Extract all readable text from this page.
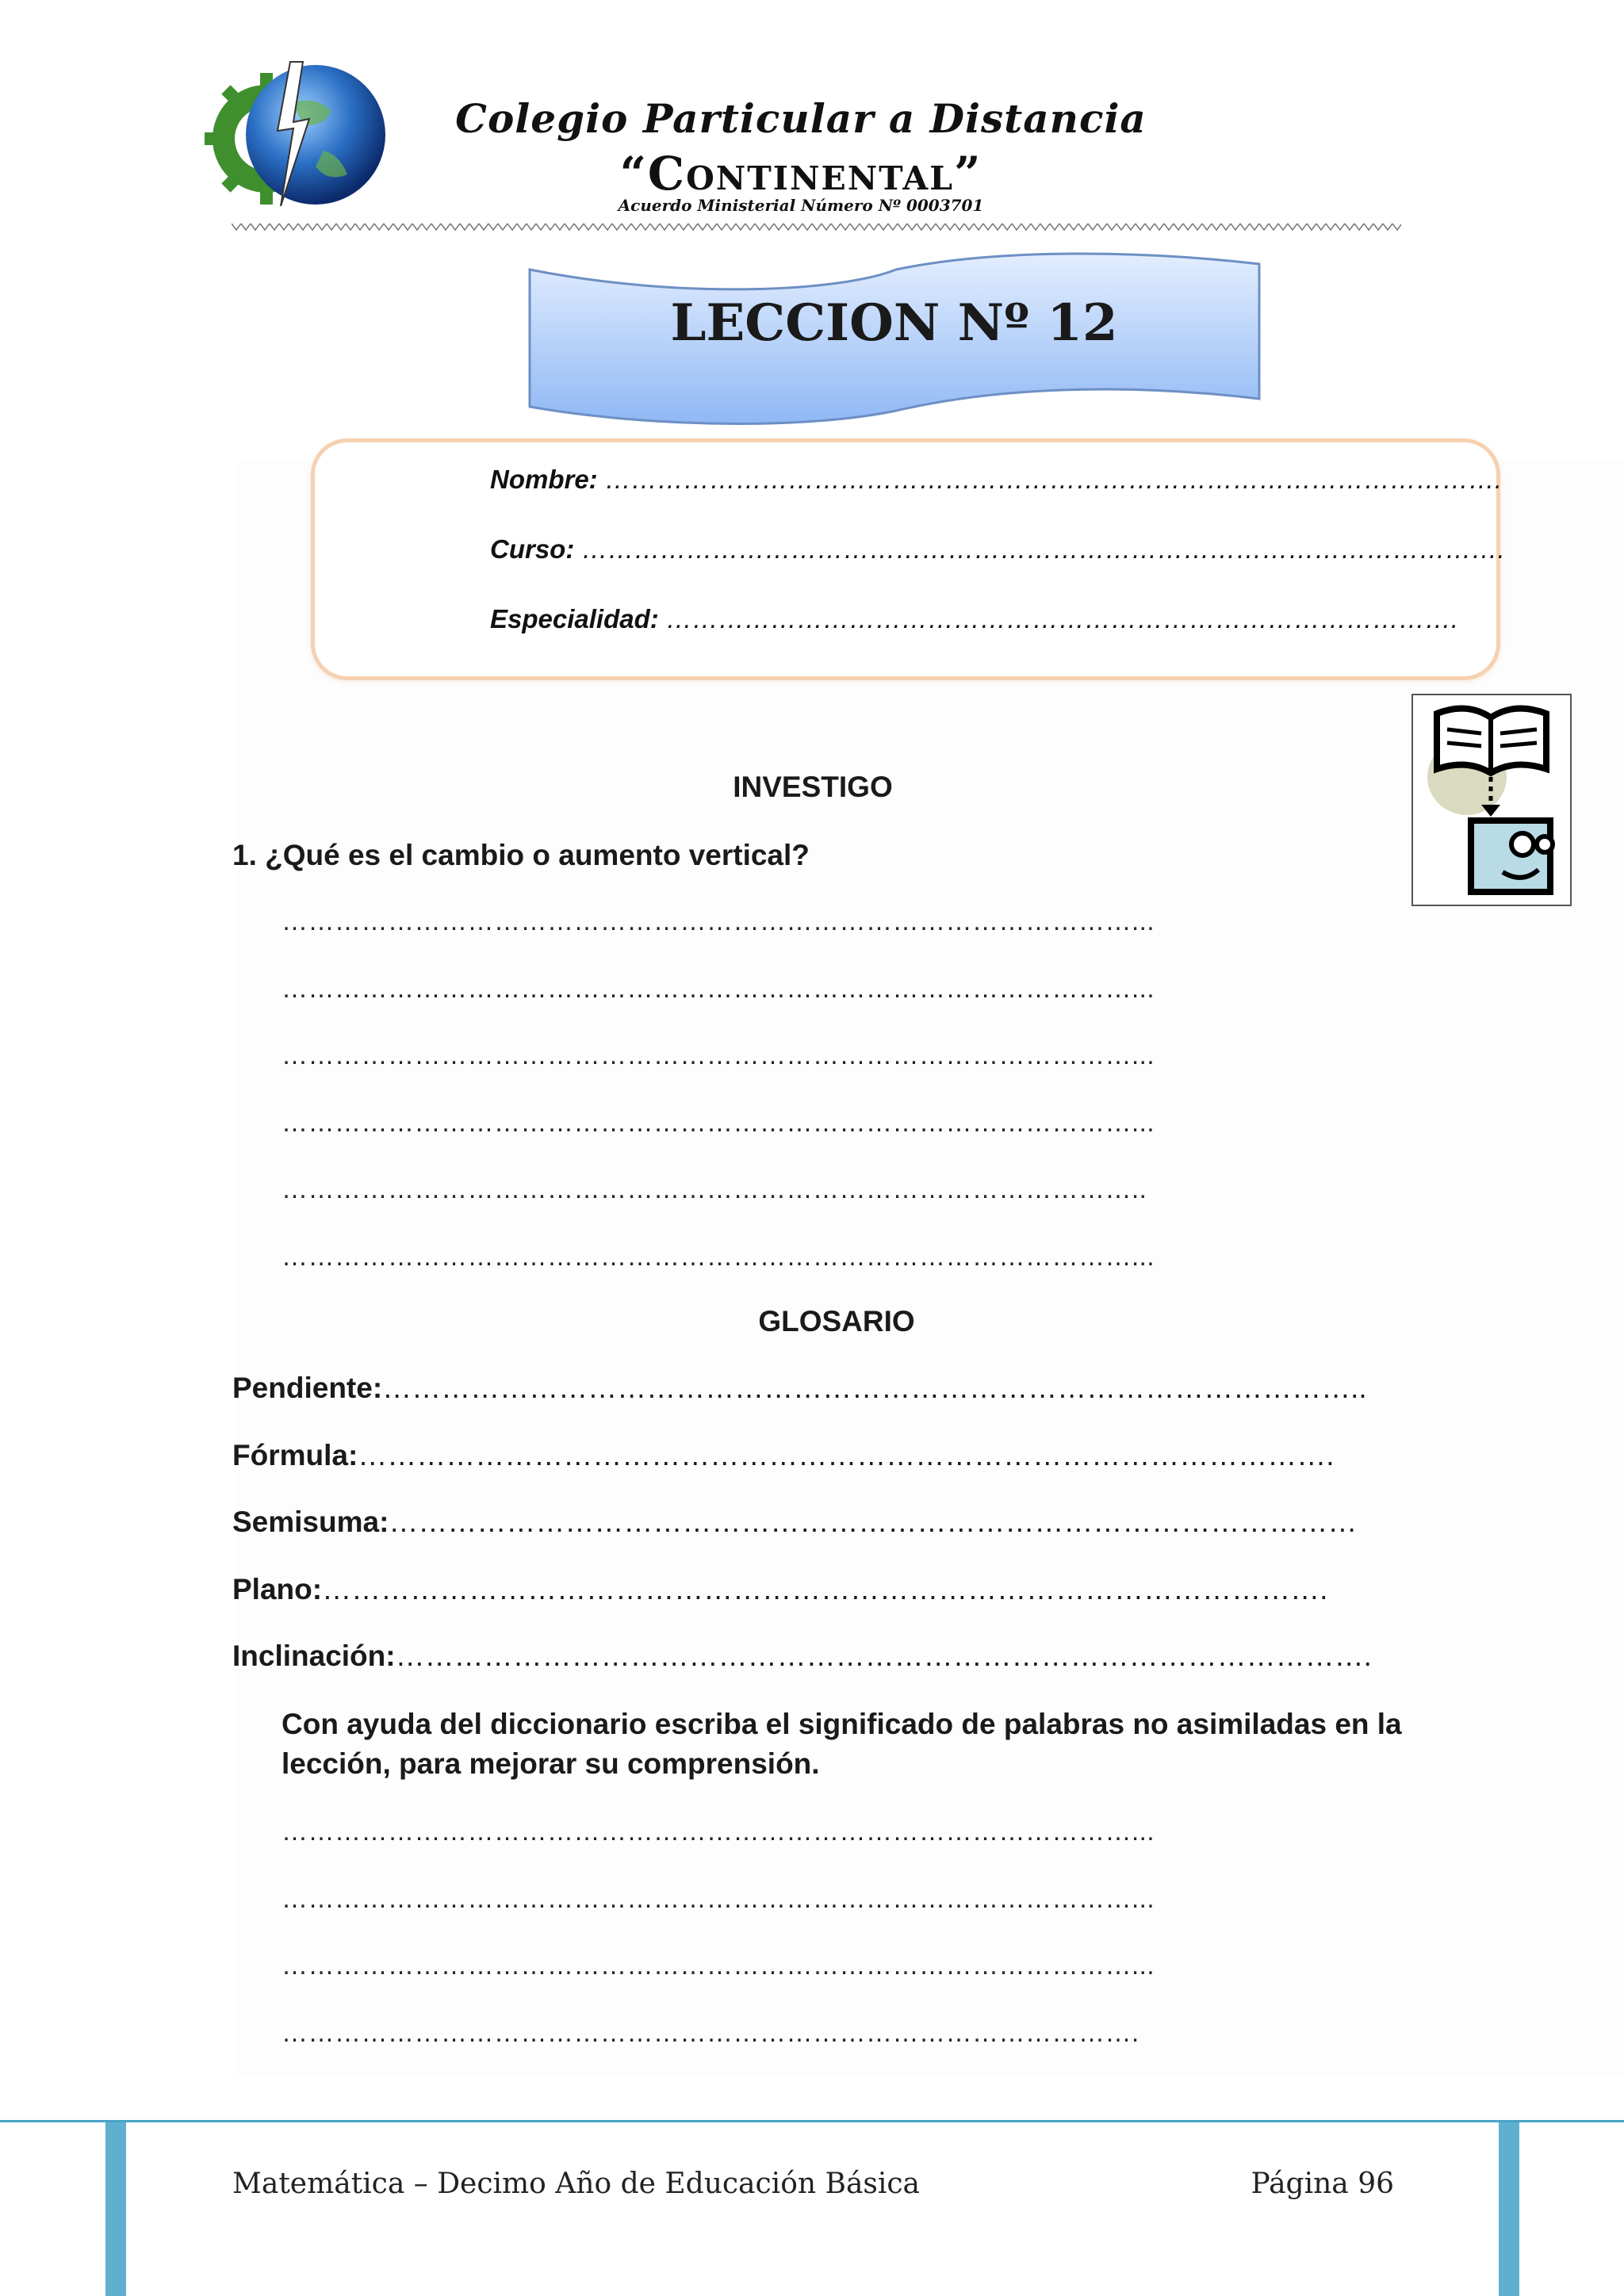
Colegio Particular a Distancia
“Continental”
Acuerdo Ministerial Número Nº 0003701
LECCION Nº 12
Nombre: ………………………………………………………………………………………….
Curso: …………………………………………………………………………………………….
Especialidad: ……………………………………………………………………………….
INVESTIGO
1. ¿Qué es el cambio o aumento vertical?
……………………………………………………………………………………...
……………………………………………………………………………………...
……………………………………………………………………………………...
……………………………………………………………………………………...
……………………………………………………………………………………..
……………………………………………………………………………………...
GLOSARIO
Pendiente:………………………………………………………………………………………..
Fórmula:……………………………………………………………………………………….
Semisuma:………………………………………………………………………………………
Plano:………………………………………………………………………………………….
Inclinación:……………………………………………………………………………………….
Con ayuda del diccionario escriba el significado de palabras no asimiladas en la lección, para mejorar su comprensión.
……………………………………………………………………………………...
……………………………………………………………………………………...
……………………………………………………………………………………...
…………………………………………………………………………………….
Matemática – Decimo Año de Educación Básica	Página 96
